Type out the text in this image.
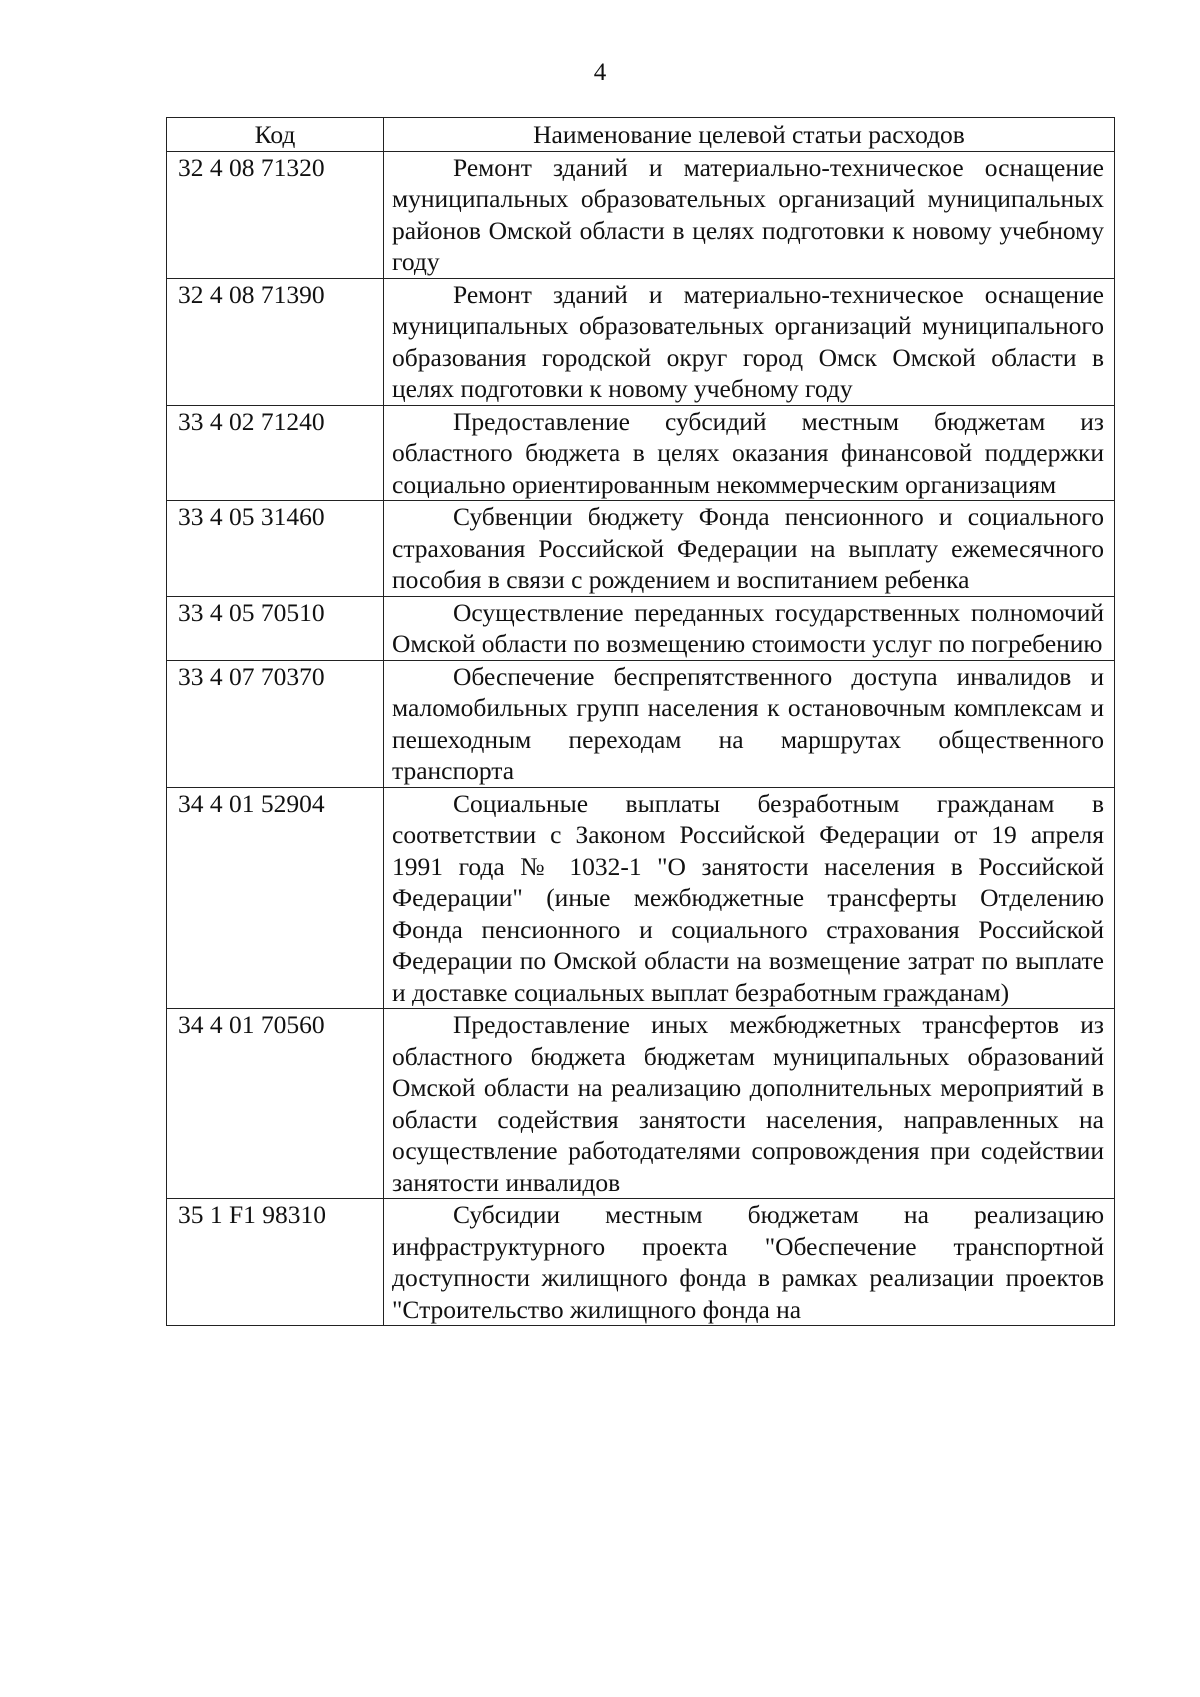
4
Код	Наименование целевой статьи расходов
32 4 08 71320	Ремонт зданий и материально-техническое оснащение муниципальных образовательных организаций муниципальных районов Омской области в целях подготовки к новому учебному году
32 4 08 71390	Ремонт зданий и материально-техническое оснащение муниципальных образовательных организаций муниципального образования городской округ город Омск Омской области в целях подготовки к новому учебному году
33 4 02 71240	Предоставление субсидий местным бюджетам из областного бюджета в целях оказания финансовой поддержки социально ориентированным некоммерческим организациям
33 4 05 31460	Субвенции бюджету Фонда пенсионного и социального страхования Российской Федерации на выплату ежемесячного пособия в связи с рождением и воспитанием ребенка
33 4 05 70510	Осуществление переданных государственных полномочий Омской области по возмещению стоимости услуг по погребению
33 4 07 70370	Обеспечение беспрепятственного доступа инвалидов и маломобильных групп населения к остановочным комплексам и пешеходным переходам на маршрутах общественного транспорта
34 4 01 52904	Социальные выплаты безработным гражданам в соответствии с Законом Российской Федерации от 19 апреля 1991 года № 1032-1 "О занятости населения в Российской Федерации" (иные межбюджетные трансферты Отделению Фонда пенсионного и социального страхования Российской Федерации по Омской области на возмещение затрат по выплате и доставке социальных выплат безработным гражданам)
34 4 01 70560	Предоставление иных межбюджетных трансфертов из областного бюджета бюджетам муниципальных образований Омской области на реализацию дополнительных мероприятий в области содействия занятости населения, направленных на осуществление работодателями сопровождения при содействии занятости инвалидов
35 1 F1 98310	Субсидии местным бюджетам на реализацию инфраструктурного проекта "Обеспечение транспортной доступности жилищного фонда в рамках реализации проектов "Строительство жилищного фонда на
